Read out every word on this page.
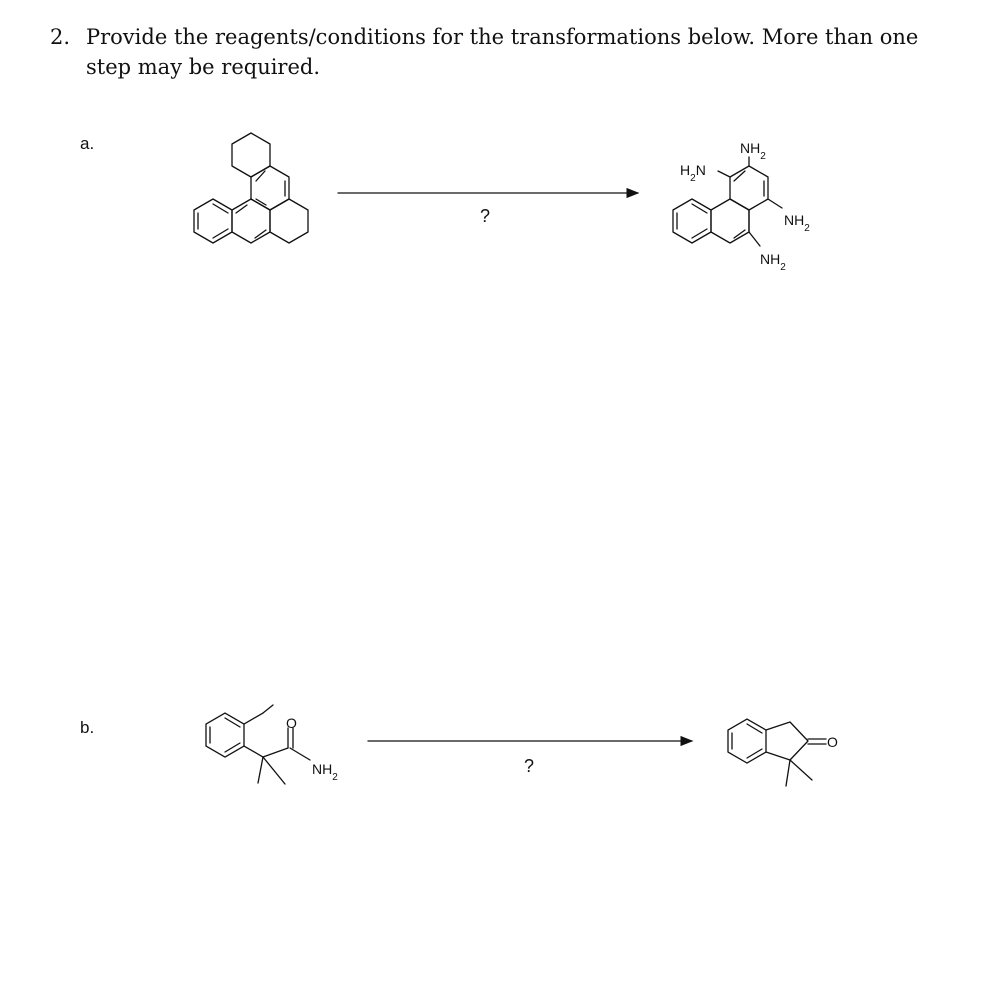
2. Provide the reagents/conditions for the transformations below. More than one step may be required.
a.
b.
?
?
$NH_2$
$H_2N$
$NH_2$
$NH_2$
O
$NH_2$
O
